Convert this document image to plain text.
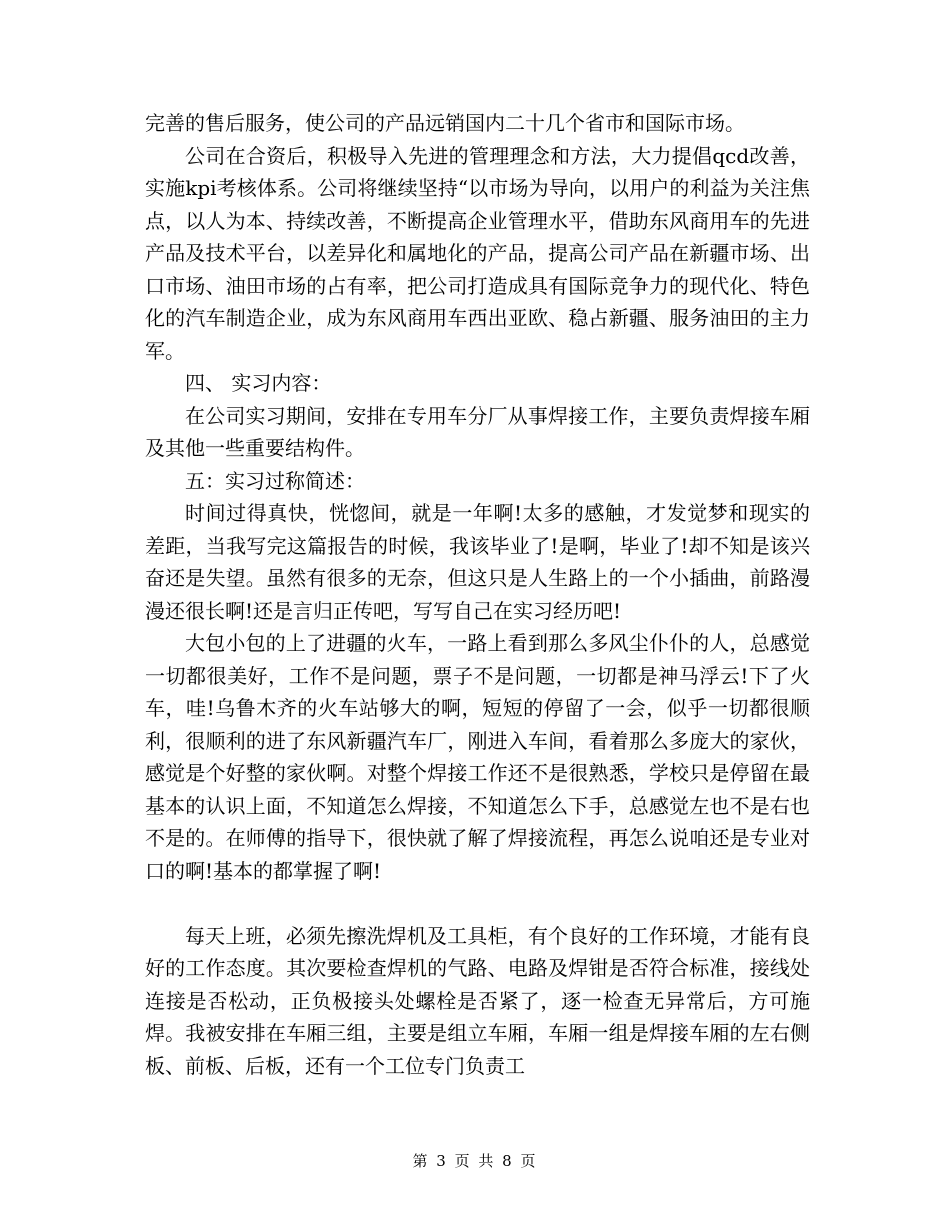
完善的售后服务，使公司的产品远销国内二十几个省市和国际市场。

公司在合资后，积极导入先进的管理理念和方法，大力提倡qcd改善，实施kpi考核体系。公司将继续坚持“以市场为导向，以用户的利益为关注焦点，以人为本、持续改善，不断提高企业管理水平，借助东风商用车的先进产品及技术平台，以差异化和属地化的产品，提高公司产品在新疆市场、出口市场、油田市场的占有率，把公司打造成具有国际竞争力的现代化、特色化的汽车制造企业，成为东风商用车西出亚欧、稳占新疆、服务油田的主力军。

四、 实习内容：

在公司实习期间，安排在专用车分厂从事焊接工作，主要负责焊接车厢及其他一些重要结构件。

五：实习过称简述：

时间过得真快，恍惚间，就是一年啊!太多的感触，才发觉梦和现实的差距，当我写完这篇报告的时候，我该毕业了!是啊，毕业了!却不知是该兴奋还是失望。虽然有很多的无奈，但这只是人生路上的一个小插曲，前路漫漫还很长啊!还是言归正传吧，写写自己在实习经历吧!

大包小包的上了进疆的火车，一路上看到那么多风尘仆仆的人，总感觉一切都很美好，工作不是问题，票子不是问题，一切都是神马浮云!下了火车，哇!乌鲁木齐的火车站够大的啊，短短的停留了一会，似乎一切都很顺利，很顺利的进了东风新疆汽车厂，刚进入车间，看着那么多庞大的家伙，感觉是个好整的家伙啊。对整个焊接工作还不是很熟悉，学校只是停留在最基本的认识上面，不知道怎么焊接，不知道怎么下手，总感觉左也不是右也不是的。在师傅的指导下，很快就了解了焊接流程，再怎么说咱还是专业对口的啊!基本的都掌握了啊!

每天上班，必须先擦洗焊机及工具柜，有个良好的工作环境，才能有良好的工作态度。其次要检查焊机的气路、电路及焊钳是否符合标准，接线处连接是否松动，正负极接头处螺栓是否紧了，逐一检查无异常后，方可施焊。我被安排在车厢三组，主要是组立车厢，车厢一组是焊接车厢的左右侧板、前板、后板，还有一个工位专门负责工

第 3 页 共 8 页
